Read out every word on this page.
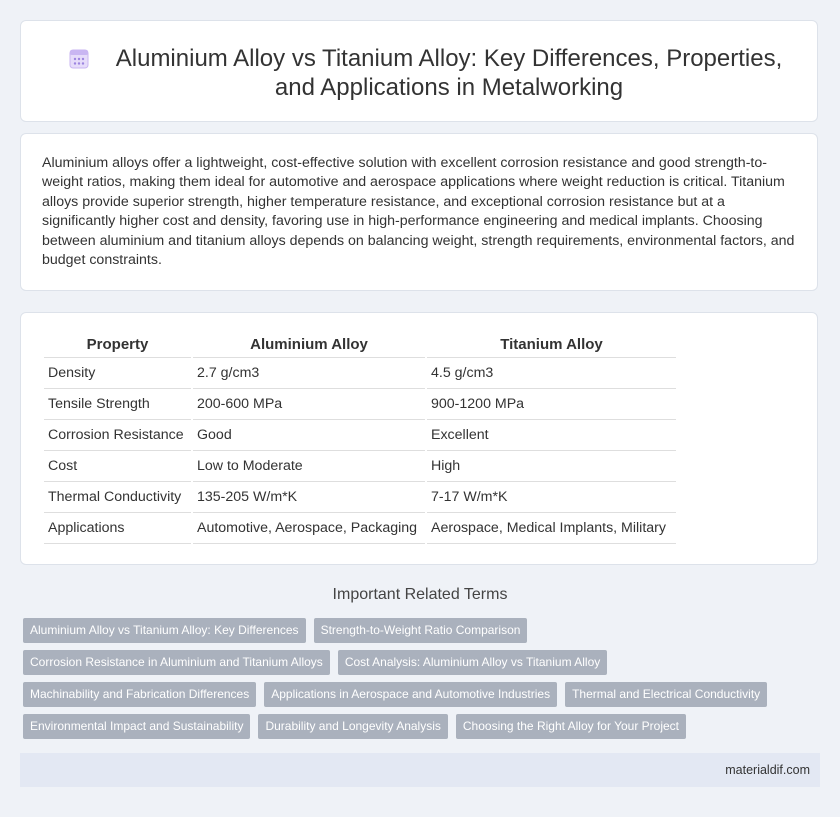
Aluminium Alloy vs Titanium Alloy: Key Differences, Properties, and Applications in Metalworking

Aluminium alloys offer a lightweight, cost-effective solution with excellent corrosion resistance and good strength-to-weight ratios, making them ideal for automotive and aerospace applications where weight reduction is critical. Titanium alloys provide superior strength, higher temperature resistance, and exceptional corrosion resistance but at a significantly higher cost and density, favoring use in high-performance engineering and medical implants. Choosing between aluminium and titanium alloys depends on balancing weight, strength requirements, environmental factors, and budget constraints.

Property	Aluminium Alloy	Titanium Alloy
Density	2.7 g/cm3	4.5 g/cm3
Tensile Strength	200-600 MPa	900-1200 MPa
Corrosion Resistance	Good	Excellent
Cost	Low to Moderate	High
Thermal Conductivity	135-205 W/m*K	7-17 W/m*K
Applications	Automotive, Aerospace, Packaging	Aerospace, Medical Implants, Military
Important Related Terms
Aluminium Alloy vs Titanium Alloy: Key Differences	Strength-to-Weight Ratio Comparison
Corrosion Resistance in Aluminium and Titanium Alloys	Cost Analysis: Aluminium Alloy vs Titanium Alloy
Machinability and Fabrication Differences	Applications in Aerospace and Automotive Industries	Thermal and Electrical Conductivity
Environmental Impact and Sustainability	Durability and Longevity Analysis	Choosing the Right Alloy for Your Project
materialdif.com
